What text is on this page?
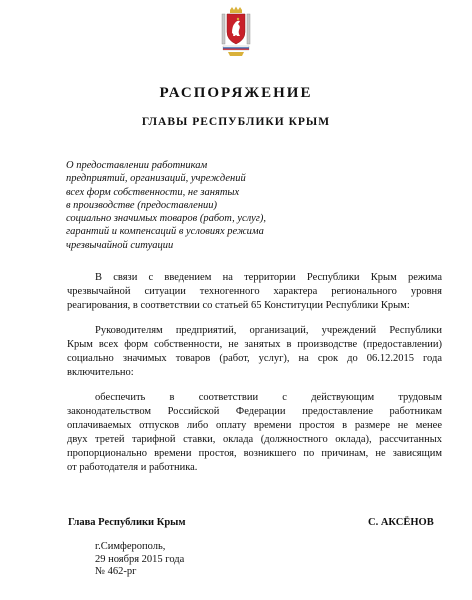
РАСПОРЯЖЕНИЕ
ГЛАВЫ РЕСПУБЛИКИ КРЫМ
О предоставлении работникам
предприятий, организаций, учреждений
всех форм собственности, не занятых
в производстве (предоставлении)
социально значимых товаров (работ, услуг),
гарантий и компенсаций в условиях режима
чрезвычайной ситуации
В связи с введением на территории Республики Крым режима
чрезвычайной ситуации техногенного характера регионального уровня
реагирования, в соответствии со статьей 65 Конституции Республики Крым:
Руководителям предприятий, организаций, учреждений Республики
Крым всех форм собственности, не занятых в производстве (предоставлении)
социально значимых товаров (работ, услуг), на срок до 06.12.2015 года
включительно:
обеспечить в соответствии с действующим трудовым
законодательством Российской Федерации предоставление работникам
оплачиваемых отпусков либо оплату времени простоя в размере не менее
двух третей тарифной ставки, оклада (должностного оклада), рассчитанных
пропорционально времени простоя, возникшего по причинам, не зависящим
от работодателя и работника.
Глава Республики Крым	С. АКСЁНОВ
г.Симферополь,
29 ноября 2015 года
№ 462-рг
